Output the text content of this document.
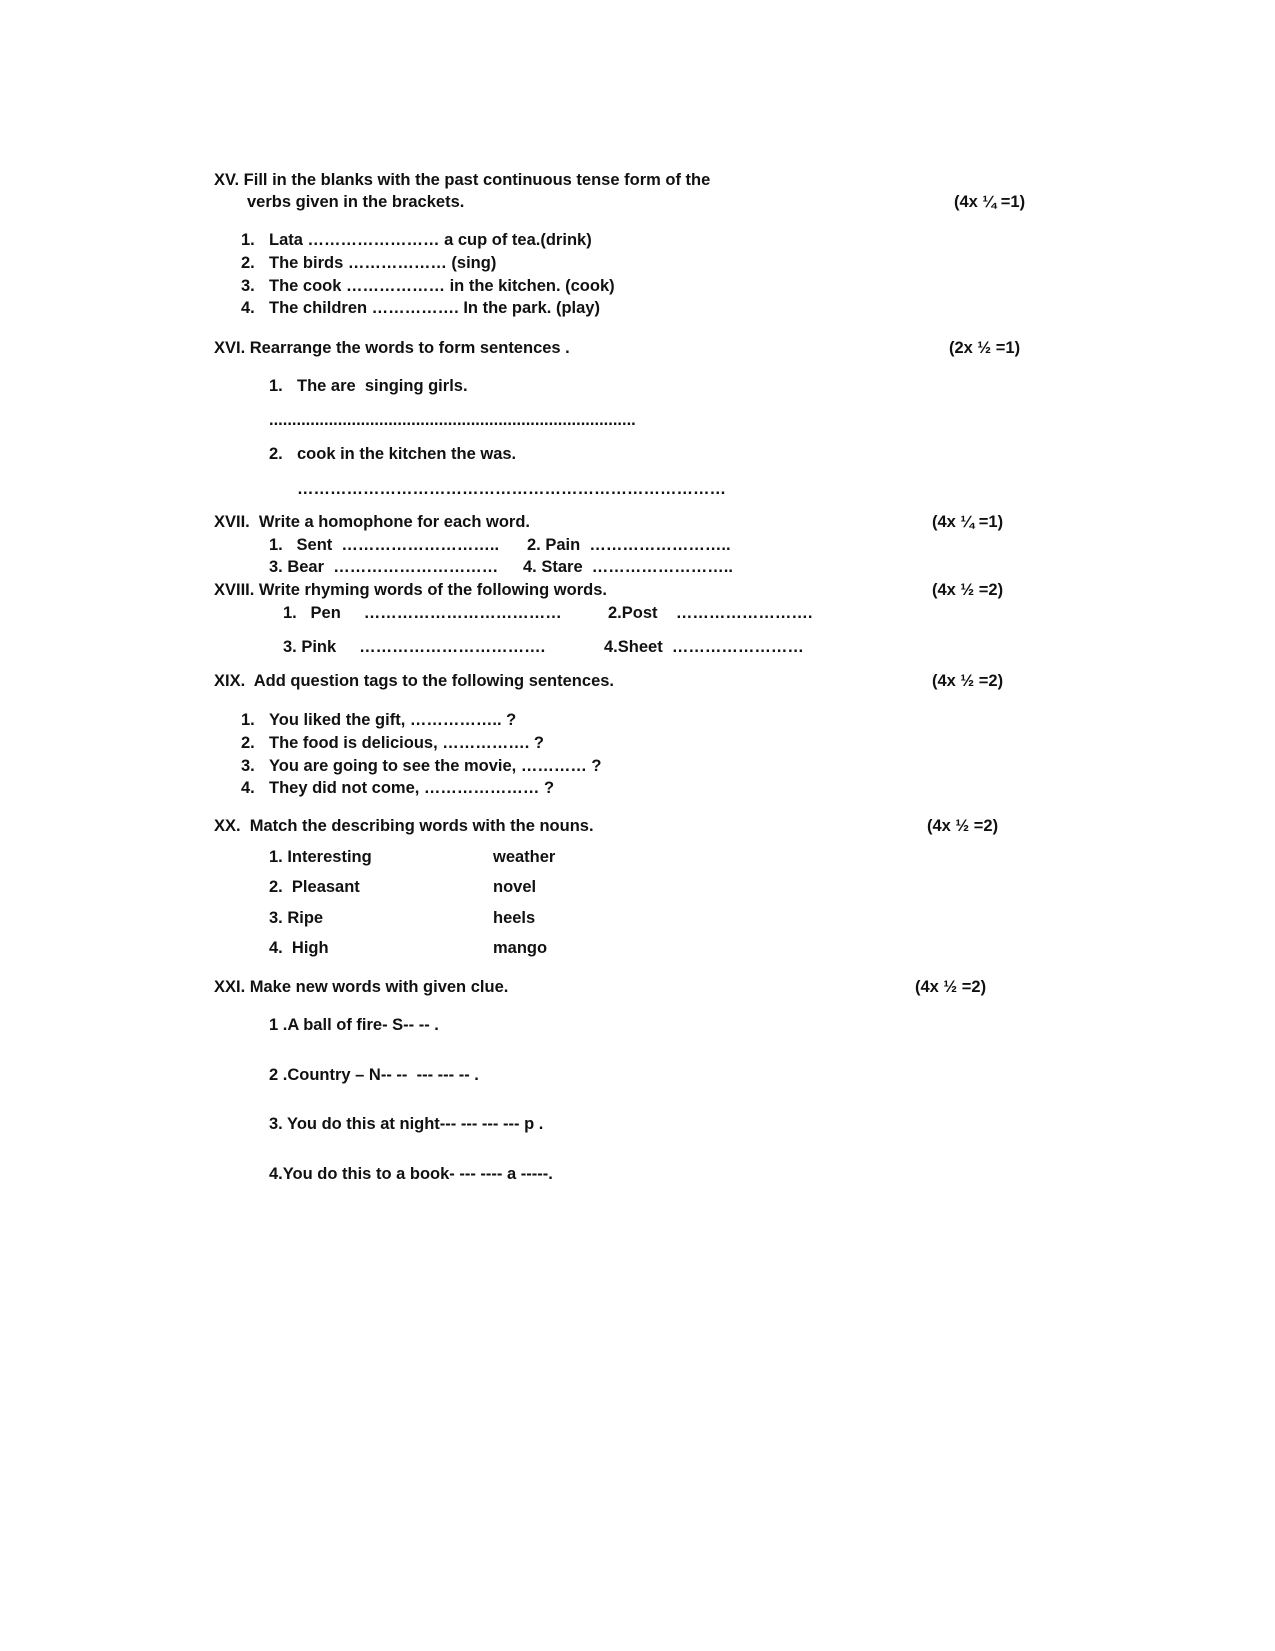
XV. Fill in the blanks with the past continuous tense form of the
verbs given in the brackets.	(4x ¼ =1)
1. Lata …………………… a cup of tea.(drink)
2. The birds ……………… (sing)
3. The cook ……………… in the kitchen. (cook)
4. The children ……………. In the park. (play)
XVI. Rearrange the words to form sentences .	(2x ½ =1)
1. The are  singing girls.
................................................................................
2. cook in the kitchen the was.
……………………………………………………………………
XVII.  Write a homophone for each word.	(4x ¼ =1)
1.   Sent  ……………………….. 2. Pain  ……………………..
3. Bear  ………………………… 4. Stare  ……………………..
XVIII. Write rhyming words of the following words.	(4x ½ =2)
1.   Pen     ………………………………	2.Post    …………………….
3. Pink     …………………………….	4.Sheet  ……………………
XIX.  Add question tags to the following sentences.	(4x ½ =2)
1. You liked the gift, …………….. ?
2. The food is delicious, ……………. ?
3. You are going to see the movie, ………… ?
4. They did not come, ………………… ?
XX.  Match the describing words with the nouns.	(4x ½ =2)
1. Interesting	weather
2.  Pleasant	novel
3. Ripe	heels
4.  High	mango
XXI. Make new words with given clue.	(4x ½ =2)
1 .A ball of fire- S-- -- .
2 .Country – N-- --  --- --- -- .
3. You do this at night--- --- --- --- p .
4.You do this to a book- --- ---- a -----.
